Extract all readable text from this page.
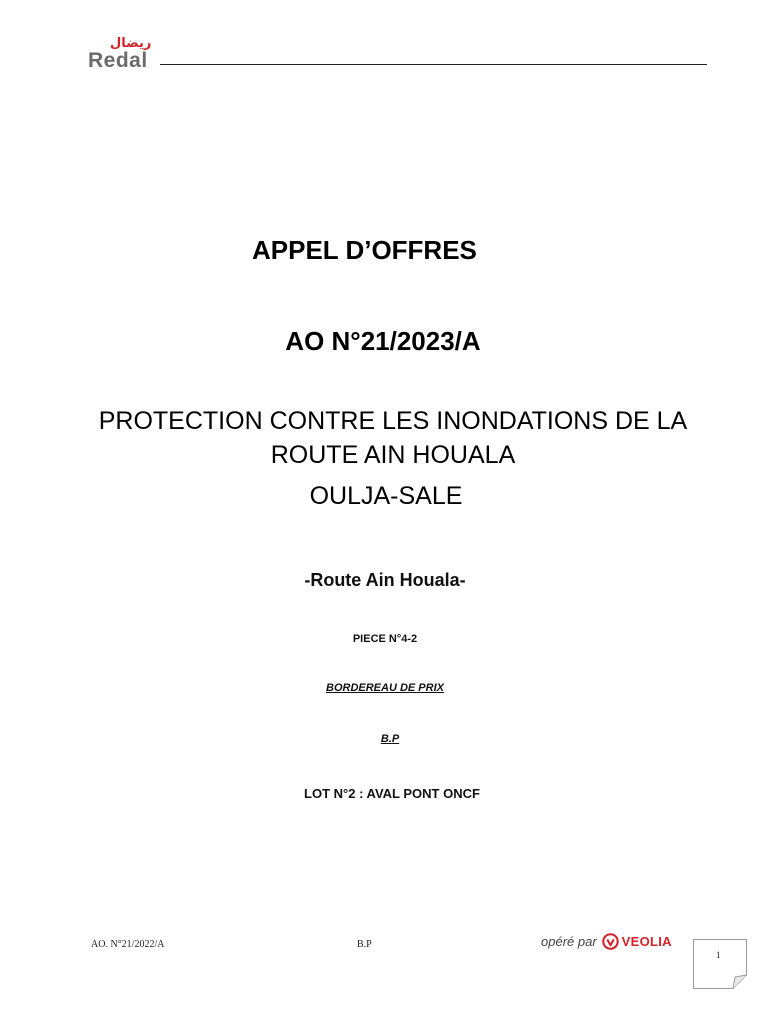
ريضال
Redal
APPEL D’OFFRES
AO N°21/2023/A
PROTECTION CONTRE LES INONDATIONS DE LA
ROUTE AIN HOUALA
OULJA-SALE
-Route Ain Houala-
PIECE N°4-2
BORDEREAU DE PRIX
B.P
LOT N°2 : AVAL PONT ONCF
AO. N°21/2022/A	B.P	opéré par VEOLIA
1
